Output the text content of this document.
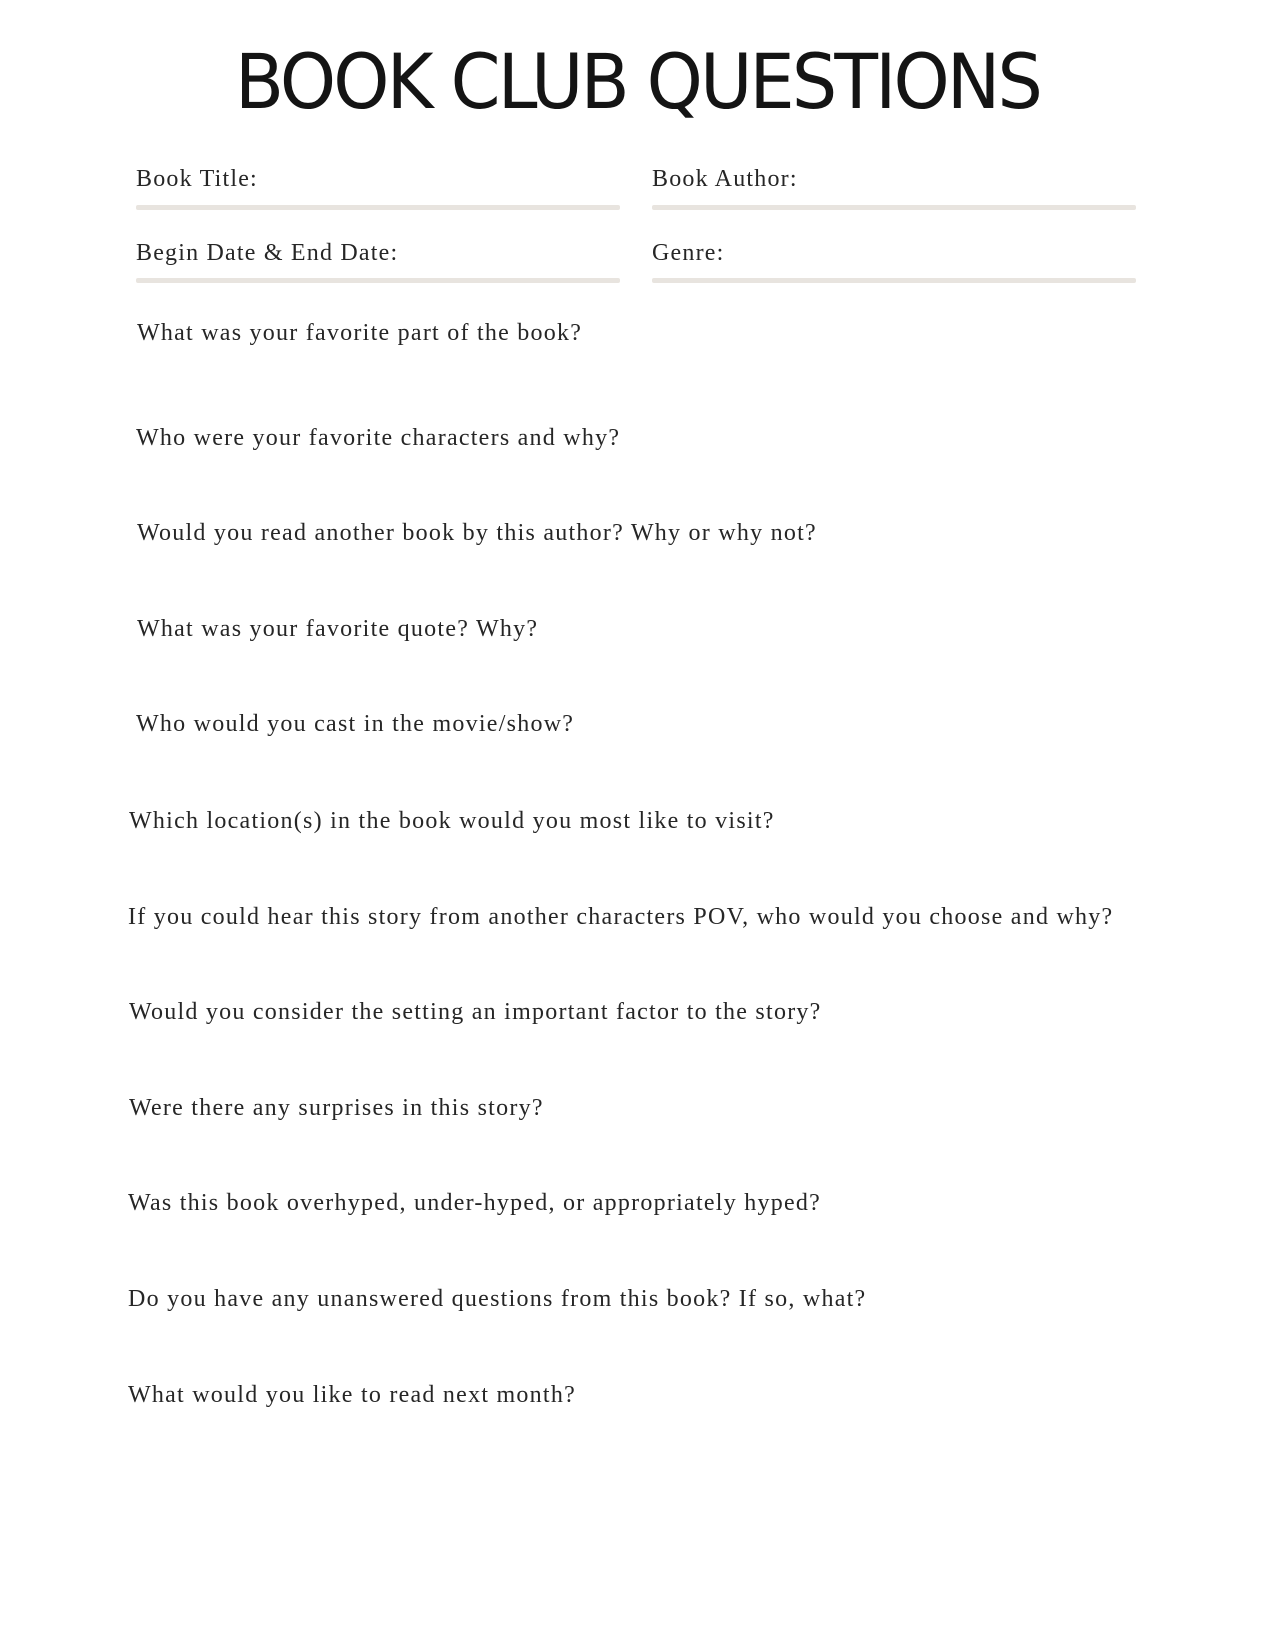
BOOK CLUB QUESTIONS
Book Title:	Book Author:
Begin Date & End Date:	Genre:
What was your favorite part of the book?
Who were your favorite characters and why?
Would you read another book by this author? Why or why not?
What was your favorite quote? Why?
Who would you cast in the movie/show?
Which location(s) in the book would you most like to visit?
If you could hear this story from another characters POV, who would you choose and why?
Would you consider the setting an important factor to the story?
Were there any surprises in this story?
Was this book overhyped, under-hyped, or appropriately hyped?
Do you have any unanswered questions from this book? If so, what?
What would you like to read next month?
